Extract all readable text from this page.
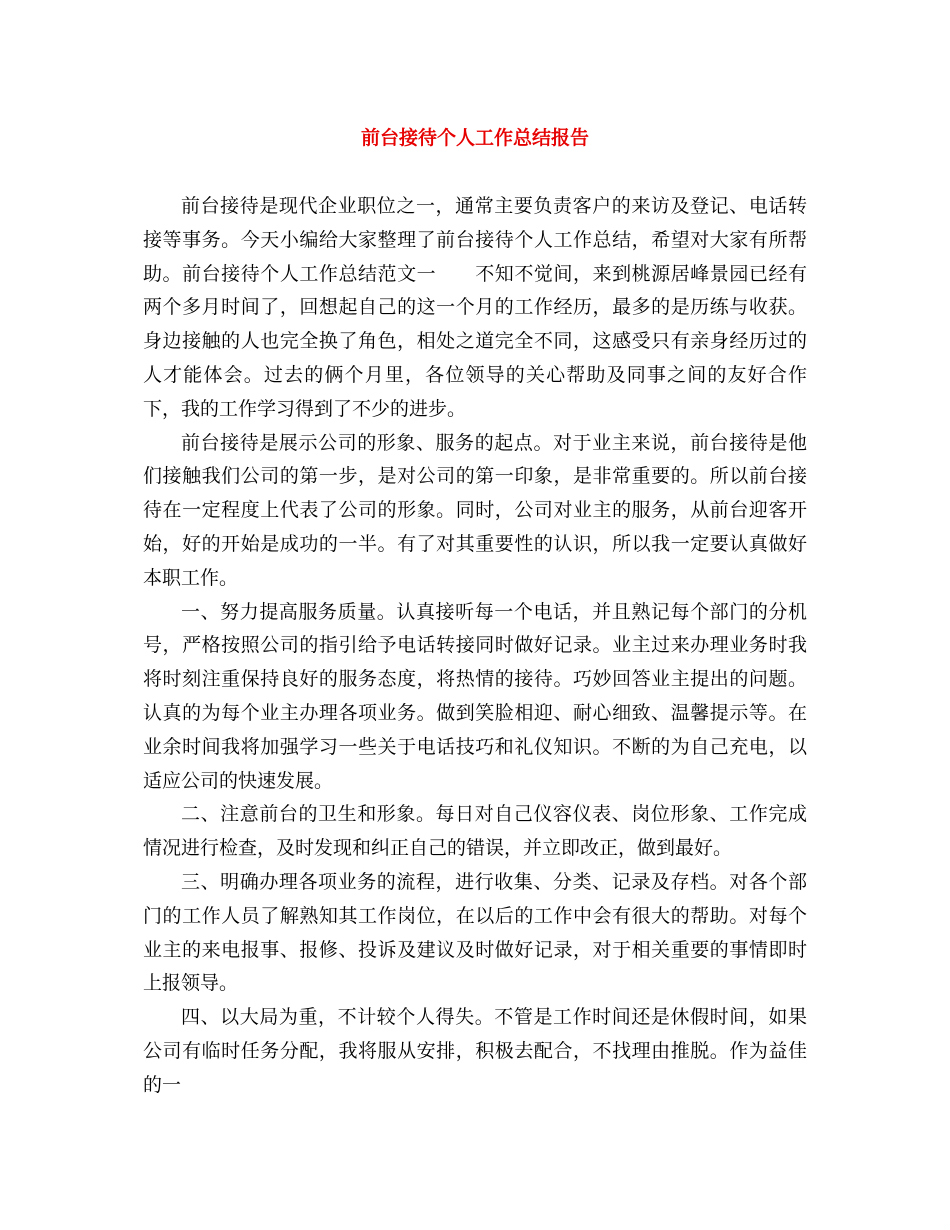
前台接待个人工作总结报告

前台接待是现代企业职位之一，通常主要负责客户的来访及登记、电话转接等事务。今天小编给大家整理了前台接待个人工作总结，希望对大家有所帮助。前台接待个人工作总结范文一　　不知不觉间，来到桃源居峰景园已经有两个多月时间了，回想起自己的这一个月的工作经历，最多的是历练与收获。身边接触的人也完全换了角色，相处之道完全不同，这感受只有亲身经历过的人才能体会。过去的俩个月里，各位领导的关心帮助及同事之间的友好合作下，我的工作学习得到了不少的进步。

前台接待是展示公司的形象、服务的起点。对于业主来说，前台接待是他们接触我们公司的第一步，是对公司的第一印象，是非常重要的。所以前台接待在一定程度上代表了公司的形象。同时，公司对业主的服务，从前台迎客开始，好的开始是成功的一半。有了对其重要性的认识，所以我一定要认真做好本职工作。

一、努力提高服务质量。认真接听每一个电话，并且熟记每个部门的分机号，严格按照公司的指引给予电话转接同时做好记录。业主过来办理业务时我将时刻注重保持良好的服务态度，将热情的接待。巧妙回答业主提出的问题。认真的为每个业主办理各项业务。做到笑脸相迎、耐心细致、温馨提示等。在业余时间我将加强学习一些关于电话技巧和礼仪知识。不断的为自己充电，以适应公司的快速发展。

二、注意前台的卫生和形象。每日对自己仪容仪表、岗位形象、工作完成情况进行检查，及时发现和纠正自己的错误，并立即改正，做到最好。

三、明确办理各项业务的流程，进行收集、分类、记录及存档。对各个部门的工作人员了解熟知其工作岗位，在以后的工作中会有很大的帮助。对每个业主的来电报事、报修、投诉及建议及时做好记录，对于相关重要的事情即时上报领导。

四、以大局为重，不计较个人得失。不管是工作时间还是休假时间，如果公司有临时任务分配，我将服从安排，积极去配合，不找理由推脱。作为益佳的一
